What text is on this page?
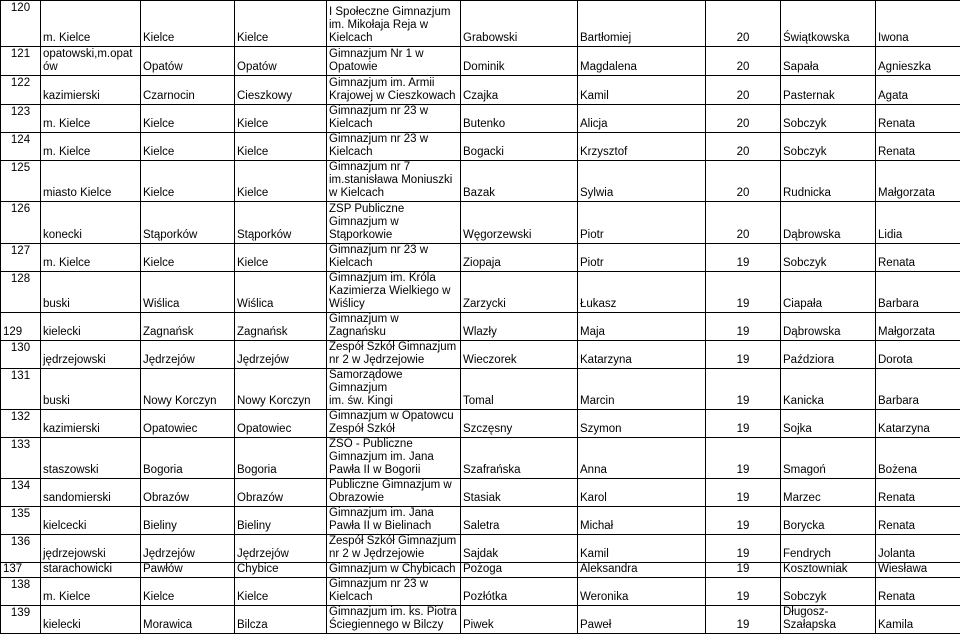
120	m. Kielce	Kielce	Kielce	I Społeczne Gimnazjum
im. Mikołaja Reja w
Kielcach	Grabowski	Bartłomiej	20	Świątkowska	Iwona
121	opatowski,m.opat
ów	Opatów	Opatów	Gimnazjum Nr 1 w
Opatowie	Dominik	Magdalena	20	Sapała	Agnieszka
122	kazimierski	Czarnocin	Cieszkowy	Gimnazjum im. Armii
Krajowej w Cieszkowach	Czajka	Kamil	20	Pasternak	Agata
123	m. Kielce	Kielce	Kielce	Gimnazjum nr 23 w
Kielcach	Butenko	Alicja	20	Sobczyk	Renata
124	m. Kielce	Kielce	Kielce	Gimnazjum nr 23 w
Kielcach	Bogacki	Krzysztof	20	Sobczyk	Renata
125	miasto Kielce	Kielce	Kielce	Gimnazjum nr 7
im.stanisława Moniuszki
w Kielcach	Bazak	Sylwia	20	Rudnicka	Małgorzata
126	konecki	Stąporków	Stąporków	ZSP Publiczne
Gimnazjum w
Stąporkowie	Węgorzewski	Piotr	20	Dąbrowska	Lidia
127	m. Kielce	Kielce	Kielce	Gimnazjum nr 23 w
Kielcach	Ziopaja	Piotr	19	Sobczyk	Renata
128	buski	Wiślica	Wiślica	Gimnazjum im. Króla
Kazimierza Wielkiego w
Wiślicy	Zarzycki	Łukasz	19	Ciapała	Barbara
129	kielecki	Zagnańsk	Zagnańsk	Gimnazjum w Zagnańsku	Wlazły	Maja	19	Dąbrowska	Małgorzata
130	jędrzejowski	Jędrzejów	Jędrzejów	Zespół Szkół Gimnazjum
nr 2 w Jędrzejowie	Wieczorek	Katarzyna	19	Paździora	Dorota
131	buski	Nowy Korczyn	Nowy Korczyn	Samorządowe Gimnazjum
im. św. Kingi	Tomal	Marcin	19	Kanicka	Barbara
132	kazimierski	Opatowiec	Opatowiec	Gimnazjum w Opatowcu
Zespół Szkół	Szczęsny	Szymon	19	Sojka	Katarzyna
133	staszowski	Bogoria	Bogoria	ZSO - Publiczne
Gimnazjum im. Jana
Pawła II w Bogorii	Szafrańska	Anna	19	Smagoń	Bożena
134	sandomierski	Obrazów	Obrazów	Publiczne Gimnazjum w
Obrazowie	Stasiak	Karol	19	Marzec	Renata
135	kielcecki	Bieliny	Bieliny	Gimnazjum im. Jana
Pawła II w Bielinach	Saletra	Michał	19	Borycka	Renata
136	jędrzejowski	Jędrzejów	Jędrzejów	Zespół Szkół Gimnazjum
nr 2 w Jędrzejowie	Sajdak	Kamil	19	Fendrych	Jolanta
137	starachowicki	Pawłów	Chybice	Gimnazjum w Chybicach	Pożoga	Aleksandra	19	Kosztowniak	Wiesława
138	m. Kielce	Kielce	Kielce	Gimnazjum nr 23 w
Kielcach	Pozłótka	Weronika	19	Sobczyk	Renata
139	kielecki	Morawica	Bilcza	Gimnazjum im. ks. Piotra
Ściegiennego w Bilczy	Piwek	Paweł	19	Długosz-
Szałapska	Kamila
